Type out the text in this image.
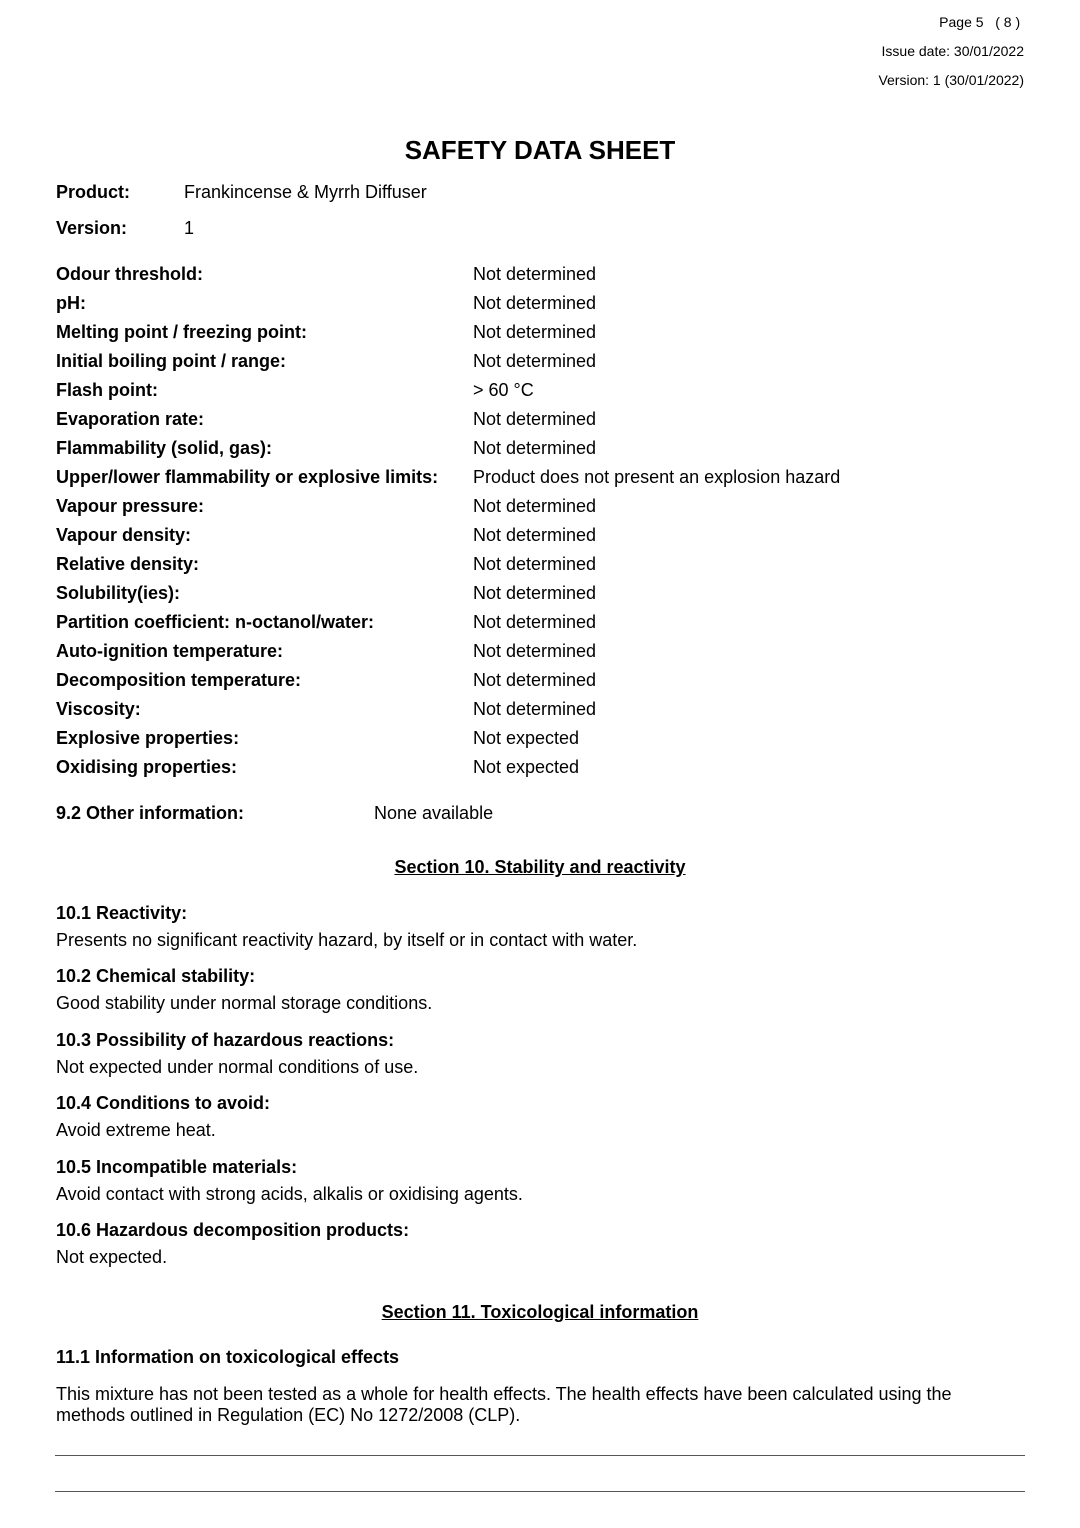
Page 5 ( 8 )
Issue date: 30/01/2022
Version: 1 (30/01/2022)
SAFETY DATA SHEET
Product:	Frankincense & Myrrh Diffuser
Version:	1
Odour threshold:	Not determined
pH:	Not determined
Melting point / freezing point:	Not determined
Initial boiling point / range:	Not determined
Flash point:	> 60 °C
Evaporation rate:	Not determined
Flammability (solid, gas):	Not determined
Upper/lower flammability or explosive limits: Product does not present an explosion hazard
Vapour pressure:	Not determined
Vapour density:	Not determined
Relative density:	Not determined
Solubility(ies):	Not determined
Partition coefficient: n-octanol/water:	Not determined
Auto-ignition temperature:	Not determined
Decomposition temperature:	Not determined
Viscosity:	Not determined
Explosive properties:	Not expected
Oxidising properties:	Not expected
9.2 Other information:	None available
Section 10. Stability and reactivity
10.1 Reactivity:
Presents no significant reactivity hazard, by itself or in contact with water.
10.2 Chemical stability:
Good stability under normal storage conditions.
10.3 Possibility of hazardous reactions:
Not expected under normal conditions of use.
10.4 Conditions to avoid:
Avoid extreme heat.
10.5 Incompatible materials:
Avoid contact with strong acids, alkalis or oxidising agents.
10.6 Hazardous decomposition products:
Not expected.
Section 11. Toxicological information
11.1 Information on toxicological effects
This mixture has not been tested as a whole for health effects. The health effects have been calculated using the methods outlined in Regulation (EC) No 1272/2008 (CLP).
